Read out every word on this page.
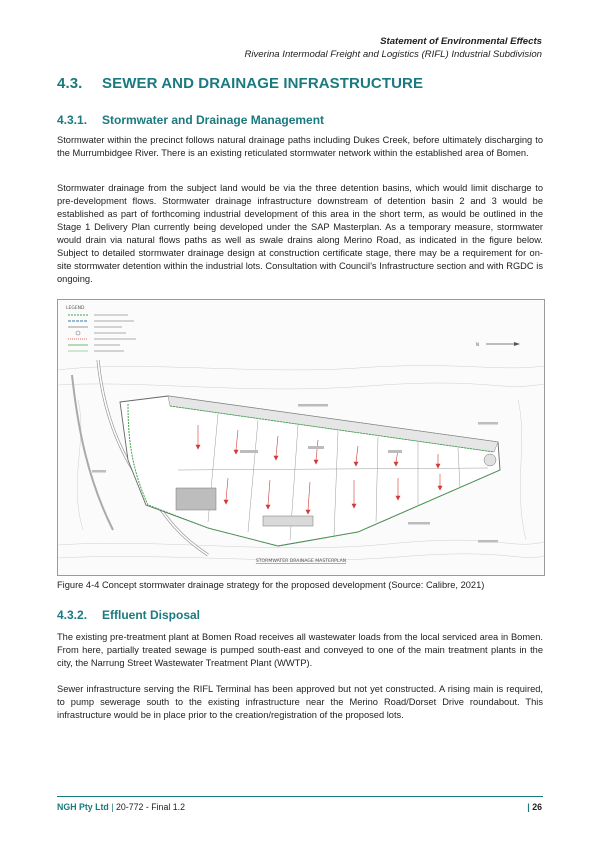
Statement of Environmental Effects
Riverina Intermodal Freight and Logistics (RIFL) Industrial Subdivision
4.3. SEWER AND DRAINAGE INFRASTRUCTURE
4.3.1. Stormwater and Drainage Management
Stormwater within the precinct follows natural drainage paths including Dukes Creek, before ultimately discharging to the Murrumbidgee River. There is an existing reticulated stormwater network within the established area of Bomen.
Stormwater drainage from the subject land would be via the three detention basins, which would limit discharge to pre-development flows. Stormwater drainage infrastructure downstream of detention basin 2 and 3 would be established as part of forthcoming industrial development of this area in the short term, as would be outlined in the Stage 1 Delivery Plan currently being developed under the SAP Masterplan. As a temporary measure, stormwater would drain via natural flows paths as well as swale drains along Merino Road, as indicated in the figure below. Subject to detailed stormwater drainage design at construction certificate stage, there may be a requirement for on-site stormwater detention within the industrial lots. Consultation with Council’s Infrastructure section and with RGDC is ongoing.
LEGEND
N
STORMWATER DRAINAGE MASTERPLAN
Figure 4-4 Concept stormwater drainage strategy for the proposed development (Source: Calibre, 2021)
4.3.2. Effluent Disposal
The existing pre-treatment plant at Bomen Road receives all wastewater loads from the local serviced area in Bomen. From here, partially treated sewage is pumped south-east and conveyed to one of the main treatment plants in the city, the Narrung Street Wastewater Treatment Plant (WWTP).
Sewer infrastructure serving the RIFL Terminal has been approved but not yet constructed. A rising main is required, to pump sewerage south to the existing infrastructure near the Merino Road/Dorset Drive roundabout. This infrastructure would be in place prior to the creation/registration of the proposed lots.
NGH Pty Ltd | 20-772 - Final 1.2	| 26
